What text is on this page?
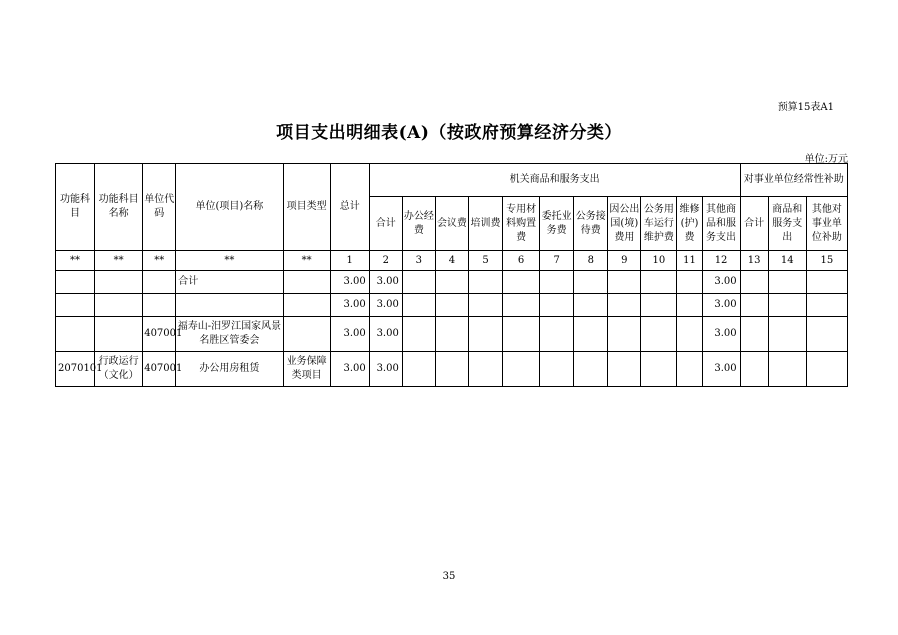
预算15表A1
项目支出明细表(A)（按政府预算经济分类）
单位:万元
功能科目	功能科目名称	单位代码	单位(项目)名称	项目类型	总计	机关商品和服务支出											对事业单位经常性补助		
						合计	办公经费	会议费	培训费	专用材料购置费	委托业务费	公务接待费	因公出国(境)费用	公务用车运行维护费	维修(护)费	其他商品和服务支出	合计	商品和服务支出	其他对事业单位补助
**	**	**	**	**	1	2	3	4	5	6	7	8	9	10	11	12	13	14	15
			合计		3.00	3.00										3.00			
					3.00	3.00										3.00			
		407001	福寿山-汨罗江国家风景名胜区管委会		3.00	3.00										3.00			
2070101	行政运行（文化）	407001	办公用房租赁	业务保障类项目	3.00	3.00										3.00			
35
